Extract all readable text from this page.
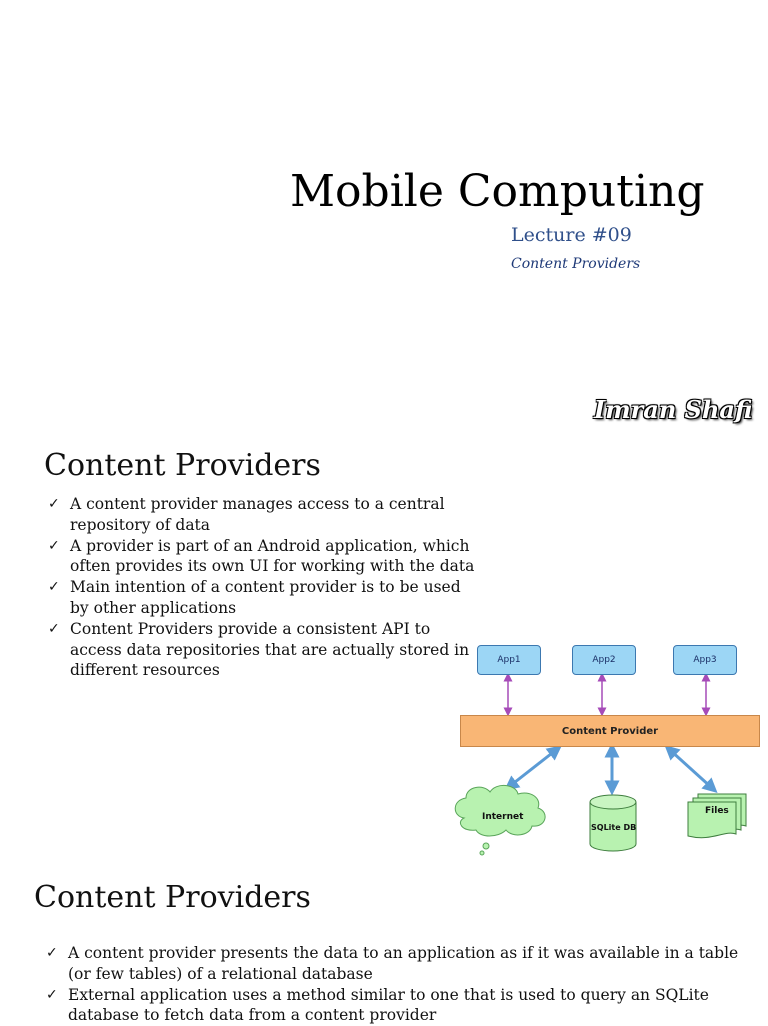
Mobile Computing
Lecture #09
Content Providers
Imran Shafi
Content Providers
✓ A content provider manages access to a central repository of data
✓ A provider is part of an Android application, which often provides its own UI for working with the data
✓ Main intention of a content provider is to be used by other applications
✓ Content Providers provide a consistent API to access data repositories that are actually stored in different resources
App1	App2	App3
Content Provider
Internet
SQLite DB
Files
Content Providers
✓ A content provider presents the data to an application as if it was available in a table (or few tables) of a relational database
✓ External application uses a method similar to one that is used to query an SQLite database to fetch data from a content provider
